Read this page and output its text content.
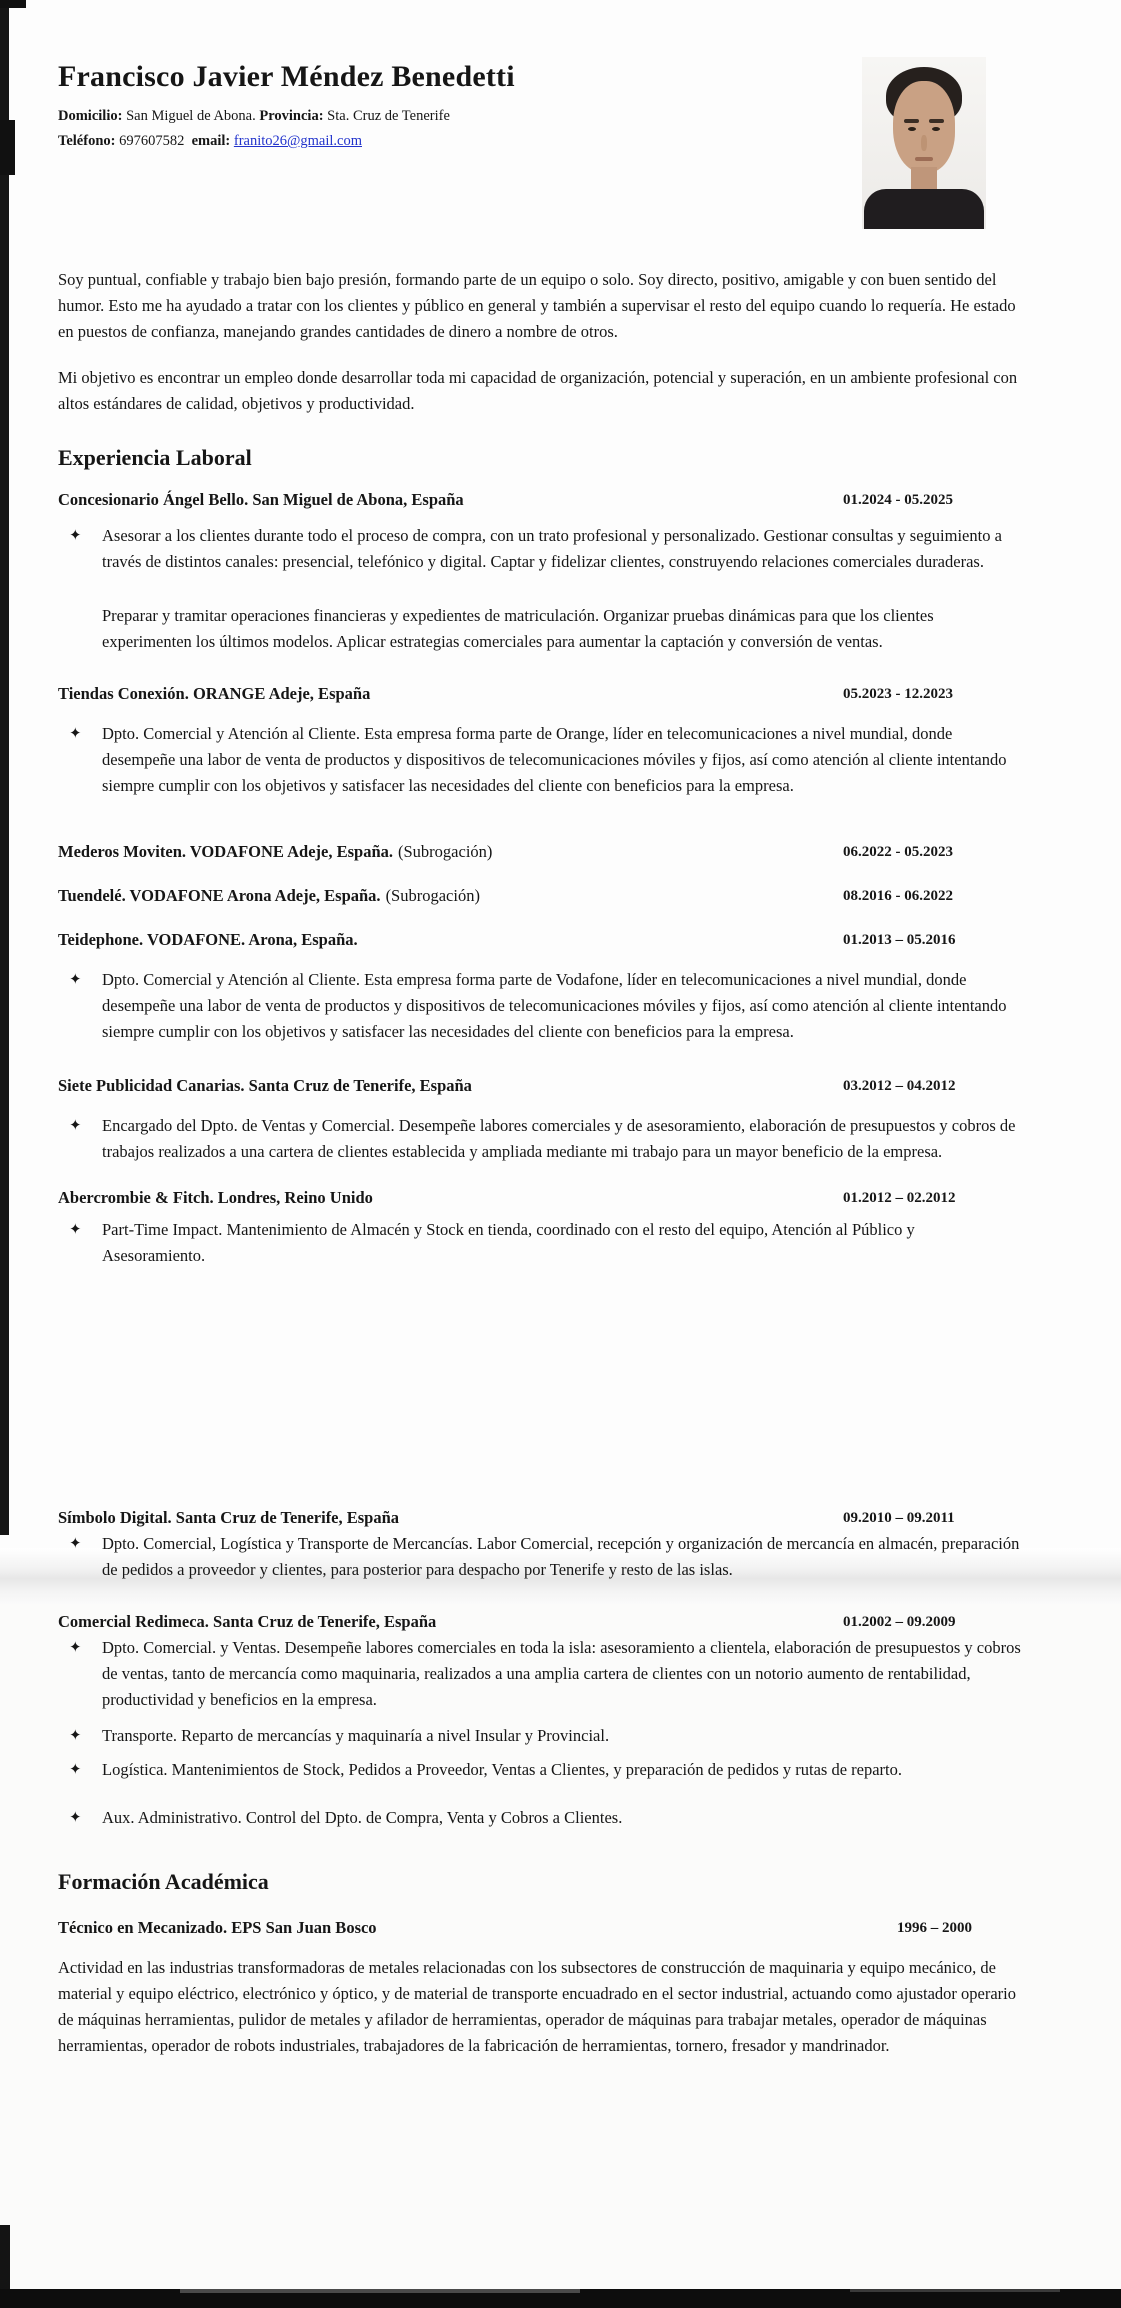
Francisco Javier Méndez Benedetti
Domicilio: San Miguel de Abona. Provincia: Sta. Cruz de Tenerife
Teléfono: 697607582 email: franito26@gmail.com

Soy puntual, confiable y trabajo bien bajo presión, formando parte de un equipo o solo. Soy directo, positivo, amigable y con buen sentido del humor. Esto me ha ayudado a tratar con los clientes y público en general y también a supervisar el resto del equipo cuando lo requería. He estado en puestos de confianza, manejando grandes cantidades de dinero a nombre de otros.

Mi objetivo es encontrar un empleo donde desarrollar toda mi capacidad de organización, potencial y superación, en un ambiente profesional con altos estándares de calidad, objetivos y productividad.

Experiencia Laboral
Concesionario Ángel Bello. San Miguel de Abona, España	01.2024 - 05.2025
✦	Asesorar a los clientes durante todo el proceso de compra, con un trato profesional y personalizado. Gestionar consultas y seguimiento a través de distintos canales: presencial, telefónico y digital. Captar y fidelizar clientes, construyendo relaciones comerciales duraderas.

Preparar y tramitar operaciones financieras y expedientes de matriculación. Organizar pruebas dinámicas para que los clientes experimenten los últimos modelos. Aplicar estrategias comerciales para aumentar la captación y conversión de ventas.

Tiendas Conexión. ORANGE Adeje, España	05.2023 - 12.2023
✦	Dpto. Comercial y Atención al Cliente. Esta empresa forma parte de Orange, líder en telecomunicaciones a nivel mundial, donde desempeñe una labor de venta de productos y dispositivos de telecomunicaciones móviles y fijos, así como atención al cliente intentando siempre cumplir con los objetivos y satisfacer las necesidades del cliente con beneficios para la empresa.
Mederos Moviten. VODAFONE Adeje, España. (Subrogación)	06.2022 - 05.2023
Tuendelé. VODAFONE Arona Adeje, España. (Subrogación)	08.2016 - 06.2022
Teidephone. VODAFONE. Arona, España.	01.2013 – 05.2016
✦	Dpto. Comercial y Atención al Cliente. Esta empresa forma parte de Vodafone, líder en telecomunicaciones a nivel mundial, donde desempeñe una labor de venta de productos y dispositivos de telecomunicaciones móviles y fijos, así como atención al cliente intentando siempre cumplir con los objetivos y satisfacer las necesidades del cliente con beneficios para la empresa.
Siete Publicidad Canarias. Santa Cruz de Tenerife, España	03.2012 – 04.2012
✦	Encargado del Dpto. de Ventas y Comercial. Desempeñe labores comerciales y de asesoramiento, elaboración de presupuestos y cobros de trabajos realizados a una cartera de clientes establecida y ampliada mediante mi trabajo para un mayor beneficio de la empresa.
Abercrombie & Fitch. Londres, Reino Unido	01.2012 – 02.2012
✦	Part-Time Impact. Mantenimiento de Almacén y Stock en tienda, coordinado con el resto del equipo, Atención al Público y Asesoramiento.
Símbolo Digital. Santa Cruz de Tenerife, España	09.2010 – 09.2011
✦	Dpto. Comercial, Logística y Transporte de Mercancías. Labor Comercial, recepción y organización de mercancía en almacén, preparación de pedidos a proveedor y clientes, para posterior para despacho por Tenerife y resto de las islas.
Comercial Redimeca. Santa Cruz de Tenerife, España	01.2002 – 09.2009
✦	Dpto. Comercial. y Ventas. Desempeñe labores comerciales en toda la isla: asesoramiento a clientela, elaboración de presupuestos y cobros de ventas, tanto de mercancía como maquinaria, realizados a una amplia cartera de clientes con un notorio aumento de rentabilidad, productividad y beneficios en la empresa.
✦	Transporte. Reparto de mercancías y maquinaría a nivel Insular y Provincial.
✦	Logística. Mantenimientos de Stock, Pedidos a Proveedor, Ventas a Clientes, y preparación de pedidos y rutas de reparto.
✦	Aux. Administrativo. Control del Dpto. de Compra, Venta y Cobros a Clientes.
Formación Académica
Técnico en Mecanizado. EPS San Juan Bosco	1996 – 2000

Actividad en las industrias transformadoras de metales relacionadas con los subsectores de construcción de maquinaria y equipo mecánico, de material y equipo eléctrico, electrónico y óptico, y de material de transporte encuadrado en el sector industrial, actuando como ajustador operario de máquinas herramientas, pulidor de metales y afilador de herramientas, operador de máquinas para trabajar metales, operador de máquinas herramientas, operador de robots industriales, trabajadores de la fabricación de herramientas, tornero, fresador y mandrinador.
